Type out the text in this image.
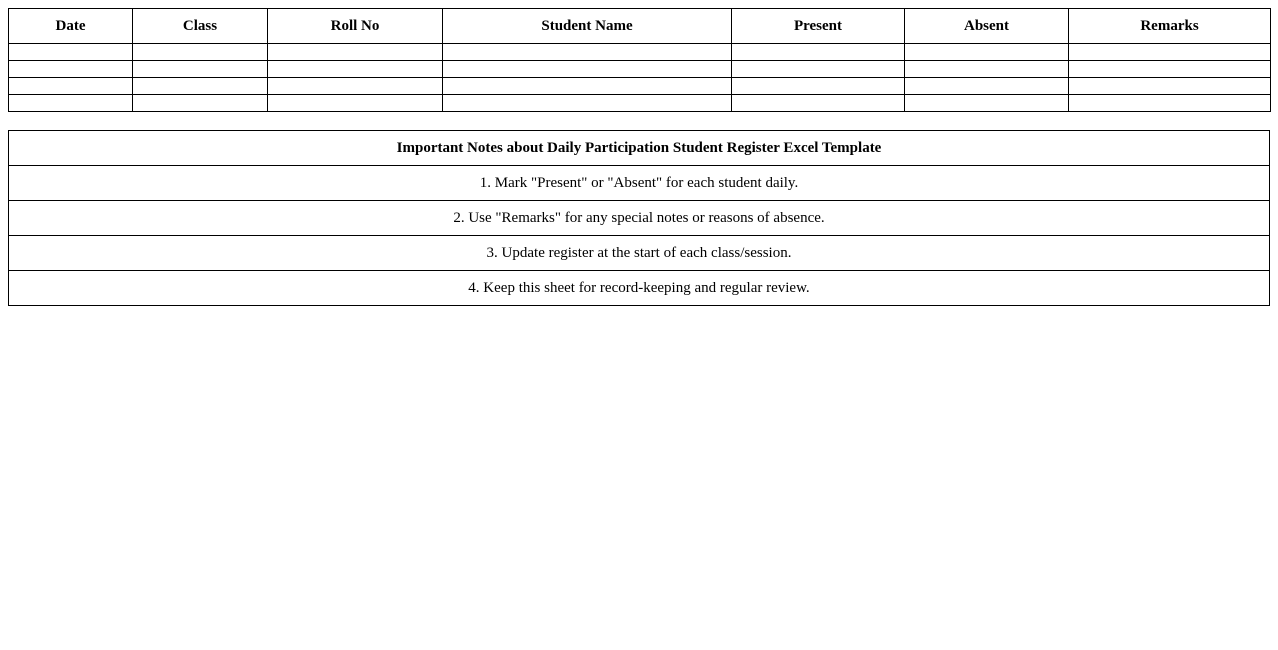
Date	Class	Roll No	Student Name	Present	Absent	Remarks

Important Notes about Daily Participation Student Register Excel Template
1. Mark "Present" or "Absent" for each student daily.
2. Use "Remarks" for any special notes or reasons of absence.
3. Update register at the start of each class/session.
4. Keep this sheet for record-keeping and regular review.
